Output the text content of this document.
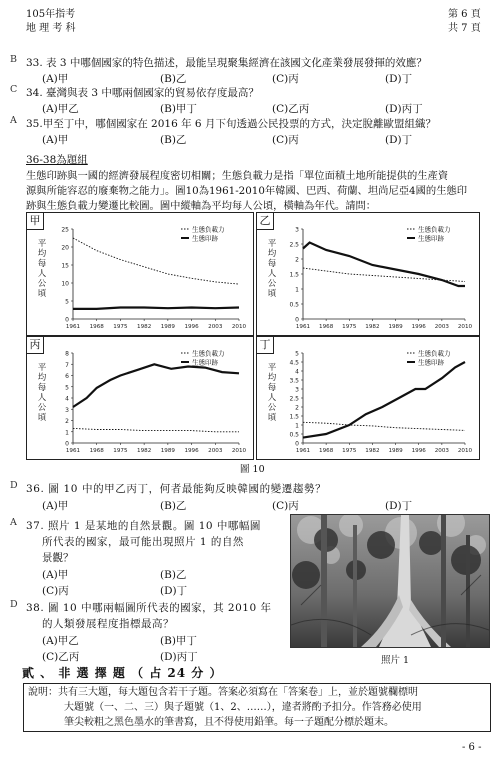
105年指考
地 理 考 科
第 6 頁
共 7 頁
B 33. 表 3 中哪個國家的特色描述，最能呈現聚集經濟在該國文化產業發展發揮的效應？
(A)甲	(B)乙	(C)丙	(D)丁
C 34. 臺灣與表 3 中哪兩個國家的貿易依存度最高？
(A)甲乙	(B)甲丁	(C)乙丙	(D)丙丁
A 35.甲至丁中，哪個國家在 2016 年 6 月下旬透過公民投票的方式，決定脫離歐盟組織？
(A)甲	(B)乙	(C)丙	(D)丁
36-38為題組
生態印跡與一國的經濟發展程度密切相關；生態負載力是指「單位面積土地所能提供的生產資
源與所能容忍的廢棄物之能力」。圖10為1961-2010年韓國、巴西、荷蘭、坦尚尼亞4國的生態印
跡與生態負載力變遷比較圖。圖中縱軸為平均每人公頃，橫軸為年代。請問：
甲
平
均
每
人
公
頃
0
5
10
15
20
25
1961 1968 1975 1982 1989 1996 2003 2010
生態負載力
生態印跡
乙
平
均
每
人
公
頃
0
0.5
1
1.5
2
2.5
3
1961 1968 1975 1982 1989 1996 2003 2010
生態負載力
生態印跡
丙
平
均
每
人
公
頃
0
1
2
3
4
5
6
7
8
1961 1968 1975 1982 1989 1996 2003 2010
生態負載力
生態印跡
丁
平
均
每
人
公
頃
0
0.5
1
1.5
2
2.5
3
3.5
4
4.5
5
1961 1968 1975 1982 1989 1996 2003 2010
生態負載力
生態印跡
圖 10
D 36. 圖 10 中的甲乙丙丁，何者最能夠反映韓國的變遷趨勢？
(A)甲	(B)乙	(C)丙	(D)丁
A 37. 照片 1 是某地的自然景觀。圖 10 中哪幅圖
所代表的國家，最可能出現照片 1 的自然
景觀？
(A)甲	(B)乙
(C)丙	(D)丁
D 38. 圖 10 中哪兩幅圖所代表的國家，其 2010 年
的人類發展程度指標最高？
(A)甲乙	(B)甲丁
(C)乙丙	(D)丙丁	照片 1
貳 、 非 選 擇 題 （ 占 24 分 ）
說明：共有三大題，每大題包含若干子題。答案必須寫在「答案卷」上，並於題號欄標明
大題號（一、二、三）與子題號（1、2、……），違者將酌予扣分。作答務必使用
筆尖較粗之黑色墨水的筆書寫，且不得使用鉛筆。每一子題配分標於題末。
- 6 -
